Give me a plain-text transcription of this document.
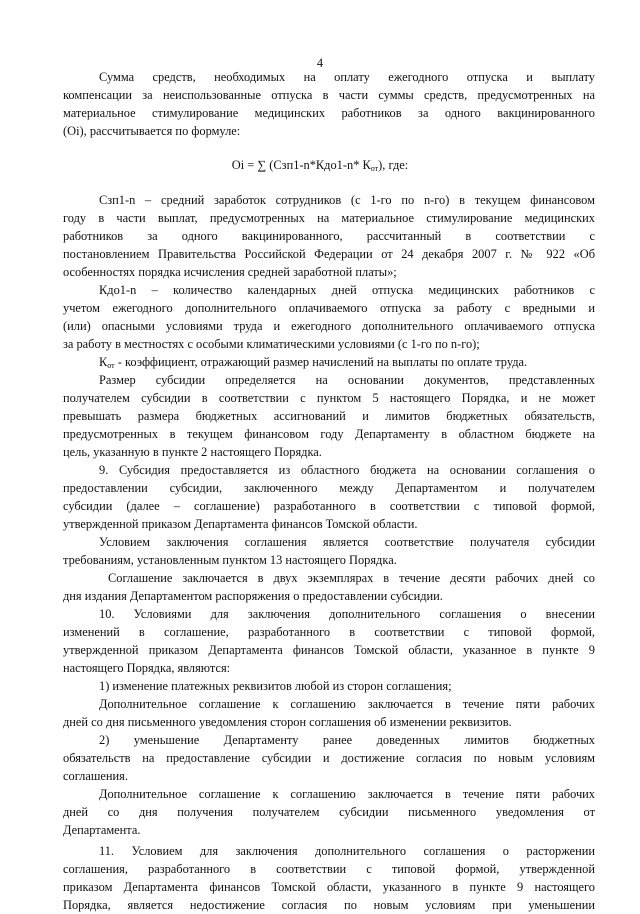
4
Сумма средств, необходимых на оплату ежегодного отпуска и выплату
компенсации за неиспользованные отпуска в части суммы средств, предусмотренных на
материальное стимулирование медицинских работников за одного вакцинированного
(Oi), рассчитывается по формуле:
Oi = ∑ (Сзп1-n*Кдо1-n* $К_{от}$), где:
Сзп1-n – средний заработок сотрудников (с 1-го по n-го) в текущем финансовом
году в части выплат, предусмотренных на материальное стимулирование медицинских
работников за одного вакцинированного, рассчитанный в соответствии с
постановлением Правительства Российской Федерации от 24 декабря 2007 г. № 922 «Об
особенностях порядка исчисления средней заработной платы»;
Кдо1-n – количество календарных дней отпуска медицинских работников с
учетом ежегодного дополнительного оплачиваемого отпуска за работу с вредными и
(или) опасными условиями труда и ежегодного дополнительного оплачиваемого отпуска
за работу в местностях с особыми климатическими условиями (с 1-го по n-го);
$К_{от}$ - коэффициент, отражающий размер начислений на выплаты по оплате труда.
Размер субсидии определяется на основании документов, представленных
получателем субсидии в соответствии с пунктом 5 настоящего Порядка, и не может
превышать размера бюджетных ассигнований и лимитов бюджетных обязательств,
предусмотренных в текущем финансовом году Департаменту в областном бюджете на
цель, указанную в пункте 2 настоящего Порядка.
9. Субсидия предоставляется из областного бюджета на основании соглашения о
предоставлении субсидии, заключенного между Департаментом и получателем
субсидии (далее – соглашение) разработанного в соответствии с типовой формой,
утвержденной приказом Департамента финансов Томской области.
Условием заключения соглашения является соответствие получателя субсидии
требованиям, установленным пунктом 13 настоящего Порядка.
Соглашение заключается в двух экземплярах в течение десяти рабочих дней со
дня издания Департаментом распоряжения о предоставлении субсидии.
10. Условиями для заключения дополнительного соглашения о внесении
изменений в соглашение, разработанного в соответствии с типовой формой,
утвержденной приказом Департамента финансов Томской области, указанное в пункте 9
настоящего Порядка, являются:
1) изменение платежных реквизитов любой из сторон соглашения;
Дополнительное соглашение к соглашению заключается в течение пяти рабочих
дней со дня письменного уведомления сторон соглашения об изменении реквизитов.
2) уменьшение Департаменту ранее доведенных лимитов бюджетных
обязательств на предоставление субсидии и достижение согласия по новым условиям
соглашения.
Дополнительное соглашение к соглашению заключается в течение пяти рабочих
дней со дня получения получателем субсидии письменного уведомления от
Департамента.
11. Условием для заключения дополнительного соглашения о расторжении
соглашения, разработанного в соответствии с типовой формой, утвержденной
приказом Департамента финансов Томской области, указанного в пункте 9 настоящего
Порядка, является недостижение согласия по новым условиям при уменьшении
